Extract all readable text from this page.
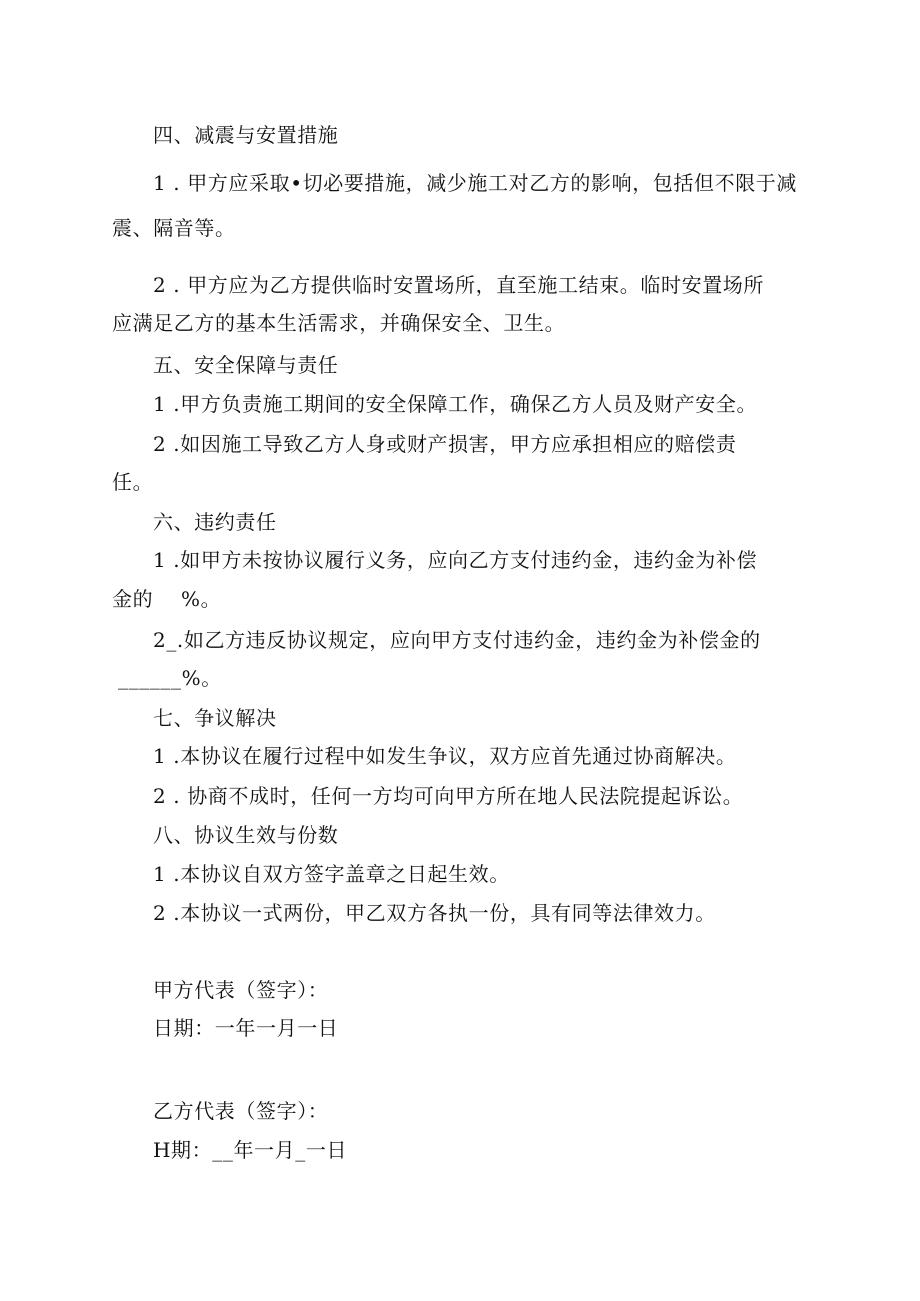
四、减震与安置措施
1 . 甲方应采取•切必要措施，减少施工对乙方的影响，包括但不限于减
震、隔音等。
2 . 甲方应为乙方提供临时安置场所，直至施工结束。临时安置场所
应满足乙方的基本生活需求，并确保安全、卫生。
五、安全保障与责任
1 .甲方负责施工期间的安全保障工作，确保乙方人员及财产安全。
2 .如因施工导致乙方人身或财产损害，甲方应承担相应的赔偿责
任。
六、违约责任
1 .如甲方未按协议履行义务，应向乙方支付违约金，违约金为补偿
金的    %。
2_.如乙方违反协议规定，应向甲方支付违约金，违约金为补偿金的
______%。
七、争议解决
1 .本协议在履行过程中如发生争议，双方应首先通过协商解决。
2 . 协商不成时，任何一方均可向甲方所在地人民法院提起诉讼。
八、协议生效与份数
1 .本协议自双方签字盖章之日起生效。
2 .本协议一式两份，甲乙双方各执一份，具有同等法律效力。
甲方代表（签字）：
日期：一年一月一日
乙方代表（签字）：
H期：__年一月_一日
